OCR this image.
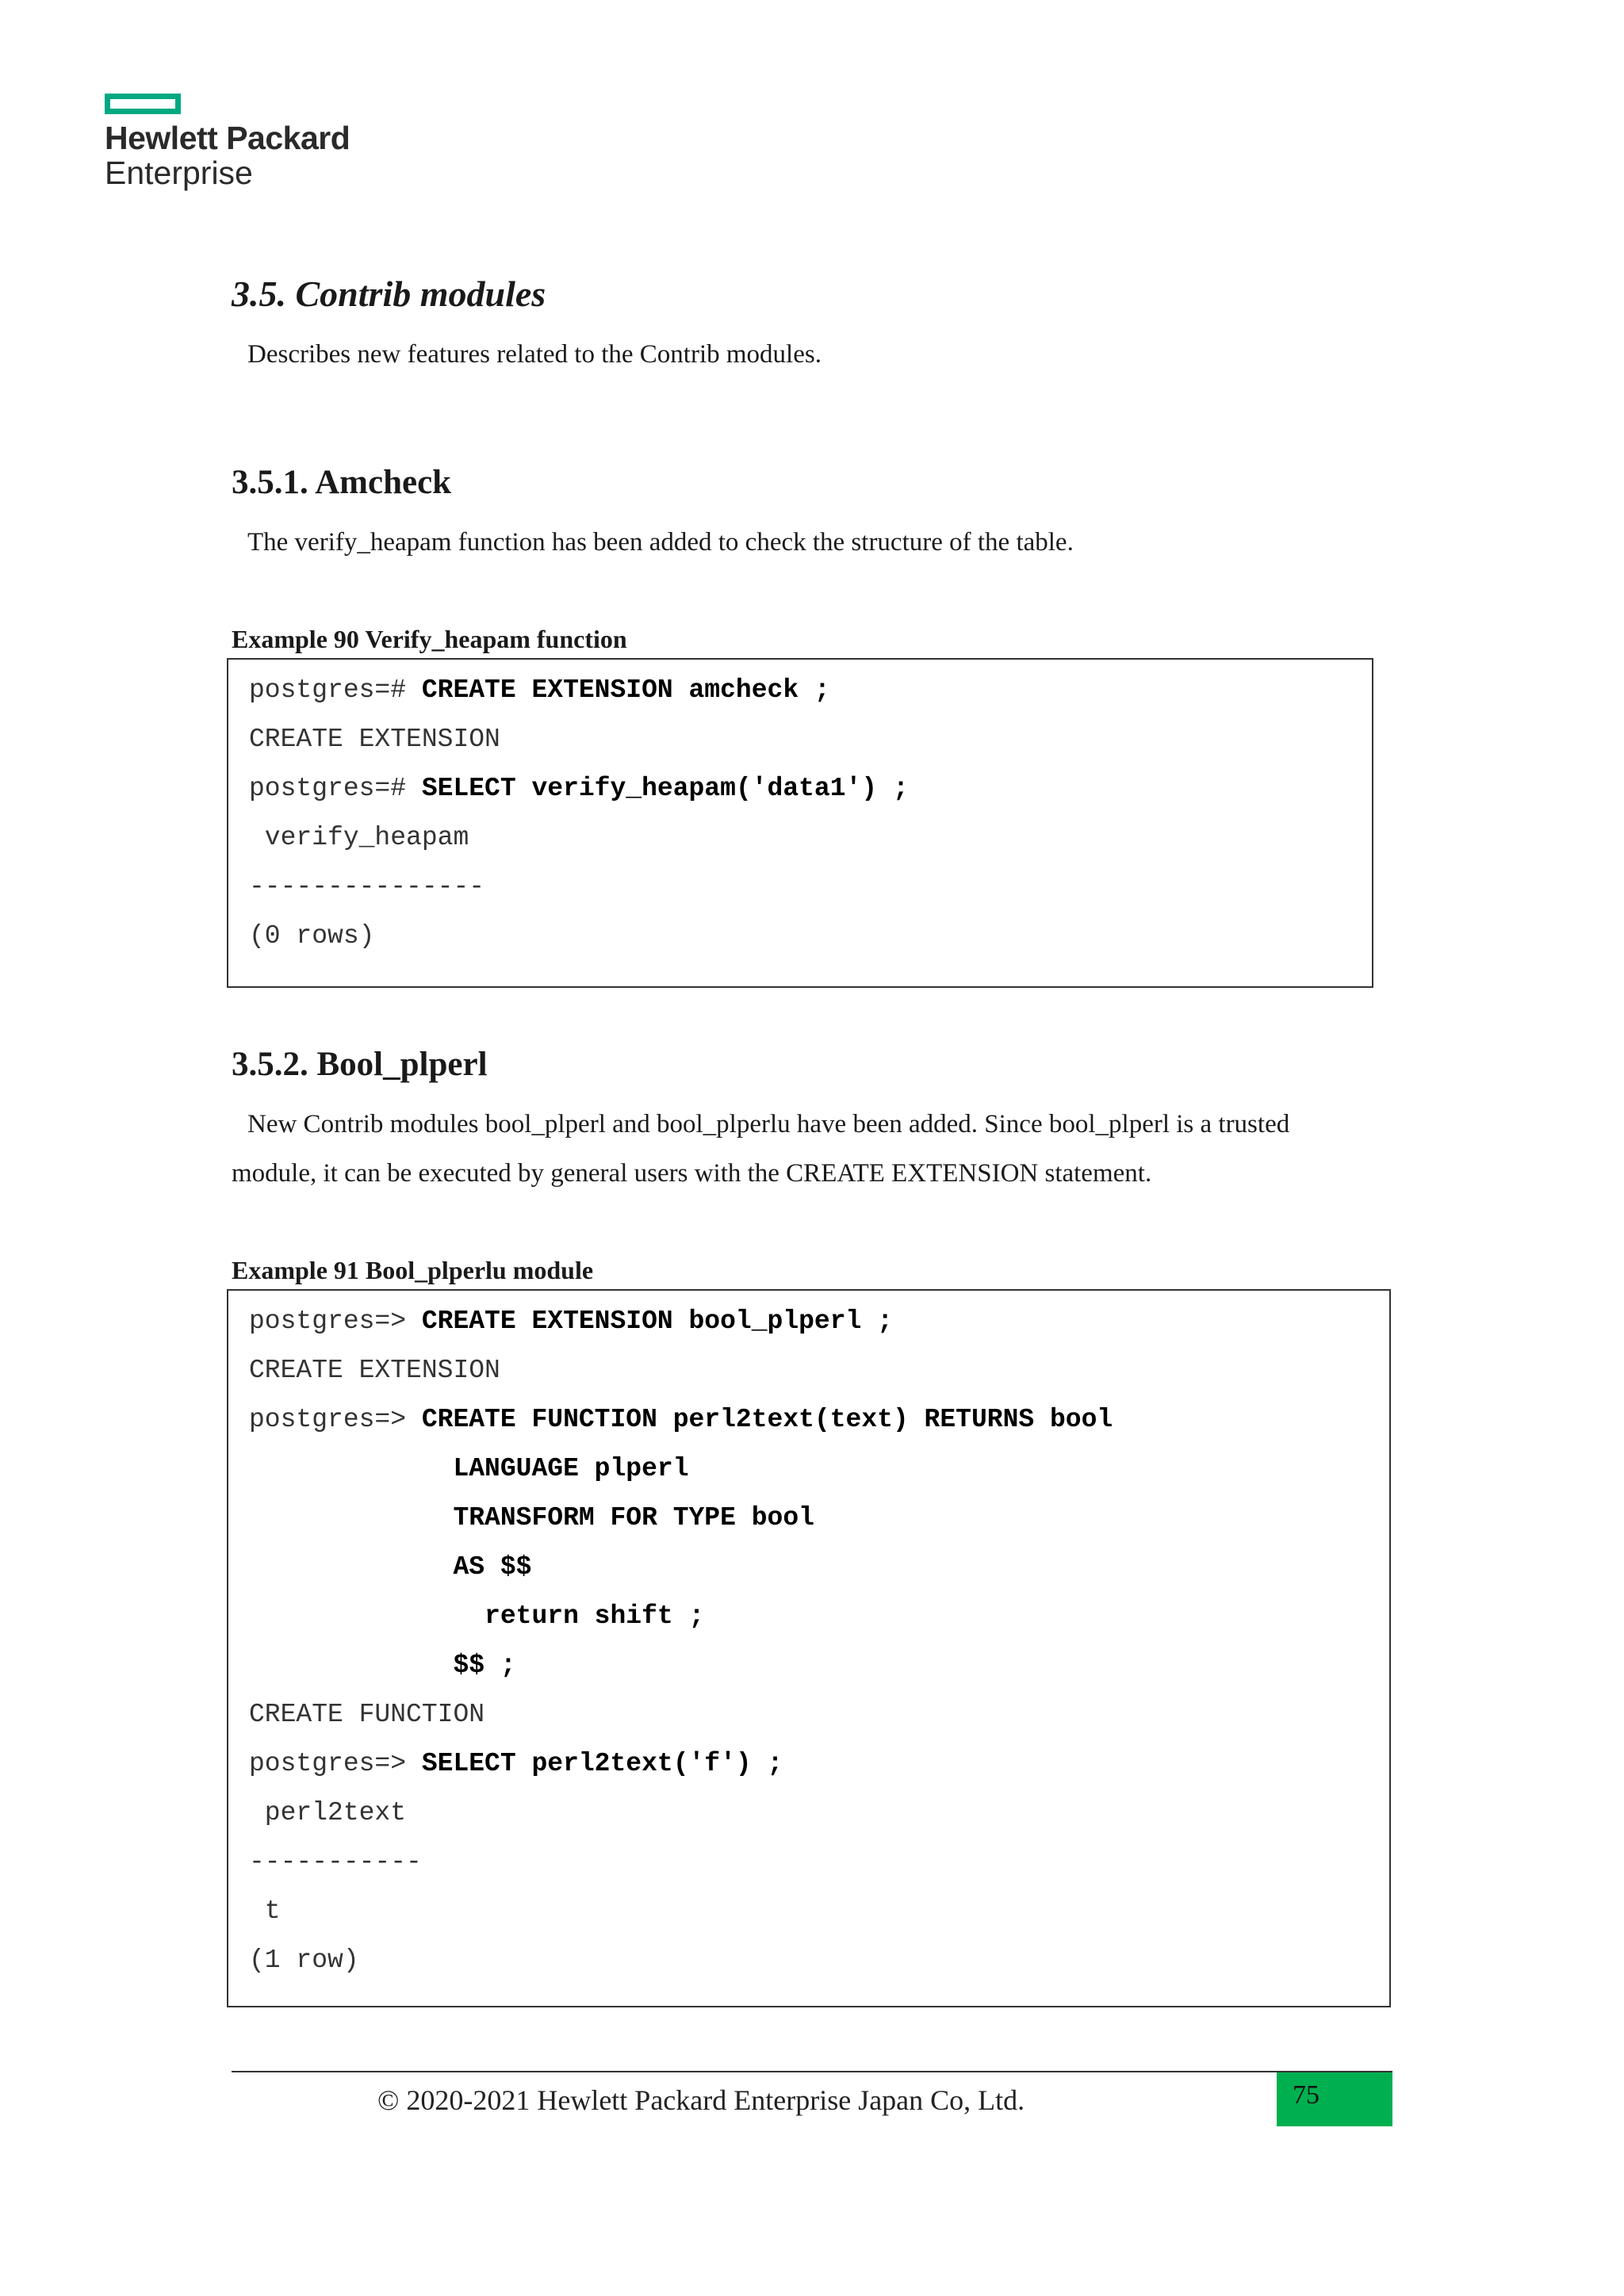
Hewlett Packard
Enterprise
3.5. Contrib modules
Describes new features related to the Contrib modules.
3.5.1. Amcheck
The verify_heapam function has been added to check the structure of the table.
Example 90 Verify_heapam function
postgres=# CREATE EXTENSION amcheck ;
CREATE EXTENSION
postgres=# SELECT verify_heapam('data1') ;
verify_heapam
---------------
(0 rows)
3.5.2. Bool_plperl
New Contrib modules bool_plperl and bool_plperlu have been added. Since bool_plperl is a trusted
module, it can be executed by general users with the CREATE EXTENSION statement.
Example 91 Bool_plperlu module
postgres=> CREATE EXTENSION bool_plperl ;
CREATE EXTENSION
postgres=> CREATE FUNCTION perl2text(text) RETURNS bool
LANGUAGE plperl
TRANSFORM FOR TYPE bool
AS $$
return shift ;
$$ ;
CREATE FUNCTION
postgres=> SELECT perl2text('f') ;
perl2text
-----------
t
(1 row)
© 2020-2021 Hewlett Packard Enterprise Japan Co, Ltd.	75
